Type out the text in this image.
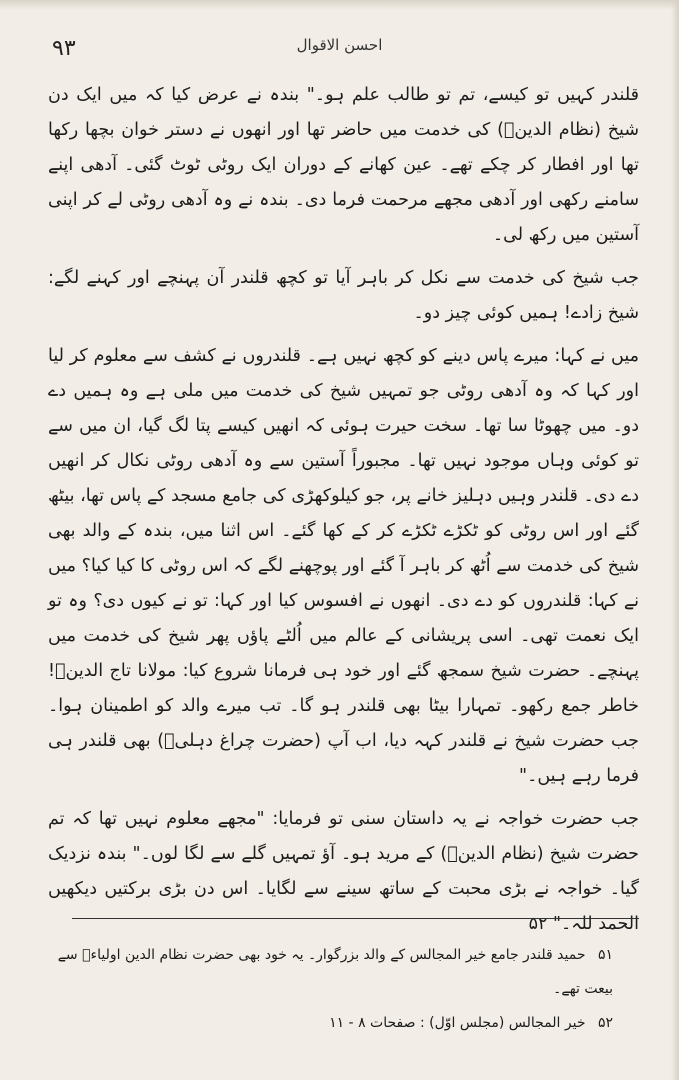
۹۳	احسن الاقوال

قلندر کہیں تو کیسے، تم تو طالب علم ہو۔" بندہ نے عرض کیا کہ میں ایک دن شیخ (نظام الدینؒ) کی خدمت میں حاضر تھا اور انھوں نے دستر خوان بچھا رکھا تھا اور افطار کر چکے تھے۔ عین کھانے کے دوران ایک روٹی ٹوٹ گئی۔ آدھی اپنے سامنے رکھی اور آدھی مجھے مرحمت فرما دی۔ بندہ نے وہ آدھی روٹی لے کر اپنی آستین میں رکھ لی۔

جب شیخ کی خدمت سے نکل کر باہر آیا تو کچھ قلندر آن پہنچے اور کہنے لگے: شیخ زادے! ہمیں کوئی چیز دو۔

میں نے کہا: میرے پاس دینے کو کچھ نہیں ہے۔ قلندروں نے کشف سے معلوم کر لیا اور کہا کہ وہ آدھی روٹی جو تمہیں شیخ کی خدمت میں ملی ہے وہ ہمیں دے دو۔ میں چھوٹا سا تھا۔ سخت حیرت ہوئی کہ انھیں کیسے پتا لگ گیا، ان میں سے تو کوئی وہاں موجود نہیں تھا۔ مجبوراً آستین سے وہ آدھی روٹی نکال کر انھیں دے دی۔ قلندر وہیں دہلیز خانے پر، جو کیلوکھڑی کی جامع مسجد کے پاس تھا، بیٹھ گئے اور اس روٹی کو ٹکڑے ٹکڑے کر کے کھا گئے۔ اس اثنا میں، بندہ کے والد بھی شیخ کی خدمت سے اُٹھ کر باہر آ گئے اور پوچھنے لگے کہ اس روٹی کا کیا کیا؟ میں نے کہا: قلندروں کو دے دی۔ انھوں نے افسوس کیا اور کہا: تو نے کیوں دی؟ وہ تو ایک نعمت تھی۔ اسی پریشانی کے عالم میں اُلٹے پاؤں پھر شیخ کی خدمت میں پہنچے۔ حضرت شیخ سمجھ گئے اور خود ہی فرمانا شروع کیا: مولانا تاج الدینؒ! خاطر جمع رکھو۔ تمہارا بیٹا بھی قلندر ہو گا۔ تب میرے والد کو اطمینان ہوا۔ جب حضرت شیخ نے قلندر کہہ دیا، اب آپ (حضرت چراغ دہلیؒ) بھی قلندر ہی فرما رہے ہیں۔"

جب حضرت خواجہ نے یہ داستان سنی تو فرمایا: "مجھے معلوم نہیں تھا کہ تم حضرت شیخ (نظام الدینؒ) کے مرید ہو۔ آؤ تمہیں گلے سے لگا لوں۔" بندہ نزدیک گیا۔ خواجہ نے بڑی محبت کے ساتھ سینے سے لگایا۔ اس دن بڑی برکتیں دیکھیں الحمد للہ۔" ۵۲

۵۱ حمید قلندر جامع خیر المجالس کے والد بزرگوار۔ یہ خود بھی حضرت نظام الدین اولیاءؒ سے بیعت تھے۔

۵۲ خیر المجالس (مجلس اوّل) : صفحات ۸ - ۱۱
